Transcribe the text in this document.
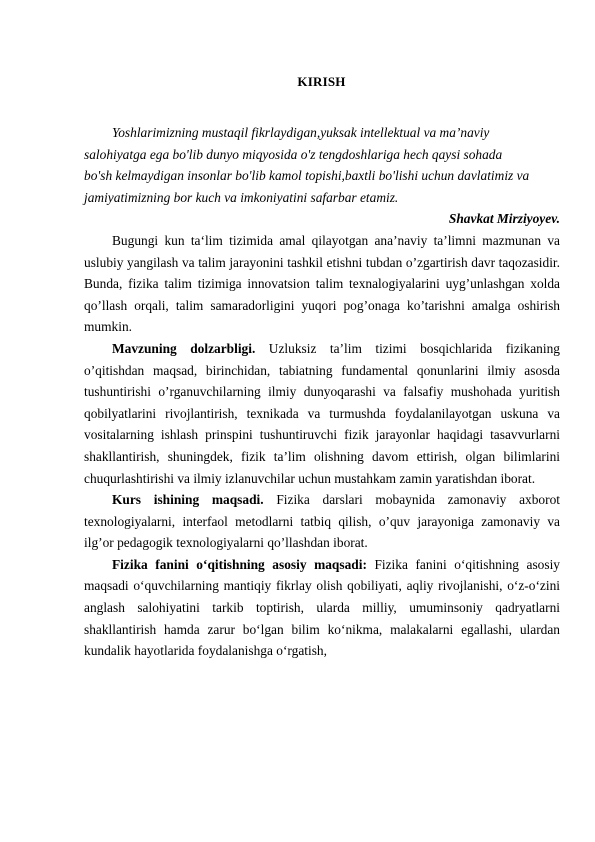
KIRISH
Yoshlarimizning mustaqil fikrlaydigan,yuksak intellektual va ma’naviy
salohiyatga ega bo'lib dunyo miqyosida o'z tengdoshlariga hech qaysi sohada
bo'sh kelmaydigan insonlar bo'lib kamol topishi,baxtli bo'lishi uchun davlatimiz va
jamiyatimizning bor kuch va imkoniyatini safarbar etamiz.
Shavkat Mirziyoyev.

Bugungi kun ta‘lim tizimida amal qilayotgan ana’naviy ta’limni mazmunan va uslubiy yangilash va talim jarayonini tashkil etishni tubdan o’zgartirish davr taqozasidir. Bunda, fizika talim tizimiga innovatsion talim texnalogiyalarini uyg’unlashgan xolda qo’llash orqali, talim samaradorligini yuqori pog’onaga ko’tarishni amalga oshirish mumkin.

Mavzuning dolzarbligi. Uzluksiz ta’lim tizimi bosqichlarida fizikaning o’qitishdan maqsad, birinchidan, tabiatning fundamental qonunlarini ilmiy asosda tushuntirishi o’rganuvchilarning ilmiy dunyoqarashi va falsafiy mushohada yuritish qobilyatlarini rivojlantirish, texnikada va turmushda foydalanilayotgan uskuna va vositalarning ishlash prinspini tushuntiruvchi fizik jarayonlar haqidagi tasavvurlarni shakllantirish, shuningdek, fizik ta’lim olishning davom ettirish, olgan bilimlarini chuqurlashtirishi va ilmiy izlanuvchilar uchun mustahkam zamin yaratishdan iborat.

Kurs ishining maqsadi. Fizika darslari mobaynida zamonaviy axborot texnologiyalarni, interfaol metodlarni tatbiq qilish, o’quv jarayoniga zamonaviy va ilg’or pedagogik texnologiyalarni qo’llashdan iborat.

Fizika fanini o‘qitishning asosiy maqsadi: Fizika fanini o‘qitishning asosiy maqsadi o‘quvchilarning mantiqiy fikrlay olish qobiliyati, aqliy rivojlanishi, o‘z-o‘zini anglash salohiyatini tarkib toptirish, ularda milliy, umuminsoniy qadryatlarni shakllantirish hamda zarur bo‘lgan bilim ko‘nikma, malakalarni egallashi, ulardan kundalik hayotlarida foydalanishga o‘rgatish,
